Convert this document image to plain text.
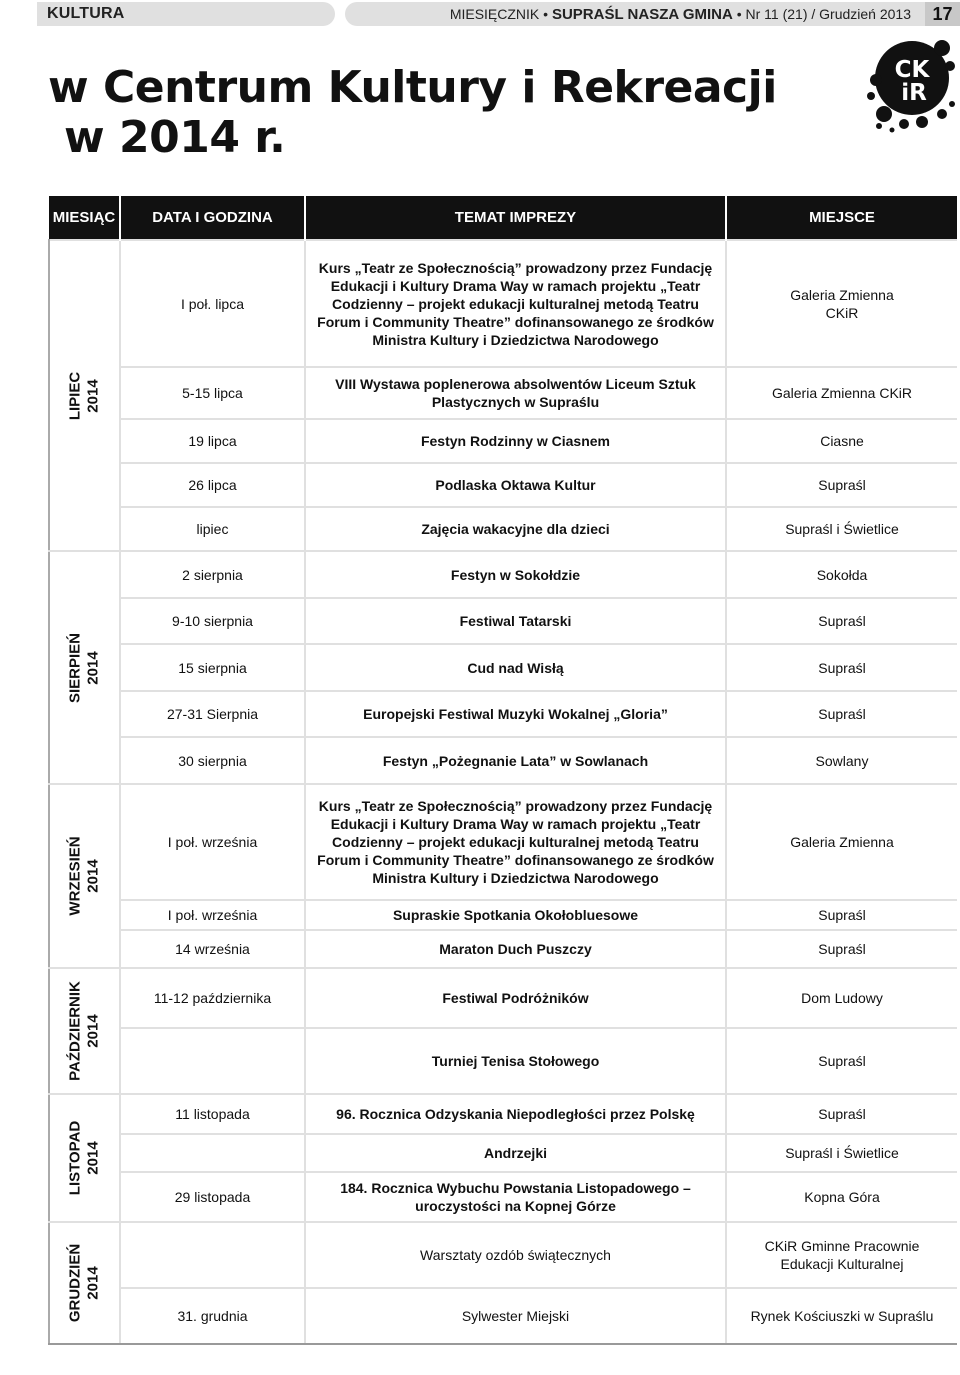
KULTURA	MIESIĘCZNIK • SUPRAŚL NASZA GMINA • Nr 11 (21) / Grudzień 2013	17
w Centrum Kultury i Rekreacji
w 2014 r.
CK
iR
MIESIĄC	DATA I GODZINA	TEMAT IMPREZY	MIEJSCE

LIPIEC 2014	I poł. lipca	Kurs „Teatr ze Społecznością” prowadzony przez Fundację Edukacji i Kultury Drama Way w ramach projektu „Teatr Codzienny – projekt edukacji kulturalnej metodą Teatru Forum i Community Theatre” dofinansowanego ze środków Ministra Kultury i Dziedzictwa Narodowego	Galeria Zmienna CKiR
	5-15 lipca	VIII Wystawa poplenerowa absolwentów Liceum Sztuk Plastycznych w Supraślu	Galeria Zmienna CKiR
	19 lipca	Festyn Rodzinny w Ciasnem	Ciasne
	26 lipca	Podlaska Oktawa Kultur	Supraśl
	lipiec	Zajęcia wakacyjne dla dzieci	Supraśl i Świetlice

SIERPIEŃ 2014	2 sierpnia	Festyn w Sokołdzie	Sokołda
	9-10 sierpnia	Festiwal Tatarski	Supraśl
	15 sierpnia	Cud nad Wisłą	Supraśl
	27-31 Sierpnia	Europejski Festiwal Muzyki Wokalnej „Gloria”	Supraśl
	30 sierpnia	Festyn „Pożegnanie Lata” w Sowlanach	Sowlany

WRZESIEŃ 2014	I poł. września	Kurs „Teatr ze Społecznością” prowadzony przez Fundację Edukacji i Kultury Drama Way w ramach projektu „Teatr Codzienny – projekt edukacji kulturalnej metodą Teatru Forum i Community Theatre” dofinansowanego ze środków Ministra Kultury i Dziedzictwa Narodowego	Galeria Zmienna
	I poł. września	Supraskie Spotkania Okołobluesowe	Supraśl
	14 września	Maraton Duch Puszczy	Supraśl

PAŹDZIERNIK 2014	11-12 października	Festiwal Podróżników	Dom Ludowy
		Turniej Tenisa Stołowego	Supraśl

LISTOPAD 2014	11 listopada	96. Rocznica Odzyskania Niepodległości przez Polskę	Supraśl
		Andrzejki	Supraśl i Świetlice
	29 listopada	184. Rocznica Wybuchu Powstania Listopadowego – uroczystości na Kopnej Górze	Kopna Góra

GRUDZIEŃ 2014		Warsztaty ozdób świątecznych	CKiR Gminne Pracownie Edukacji Kulturalnej
	31. grudnia	Sylwester Miejski	Rynek Kościuszki w Supraślu
